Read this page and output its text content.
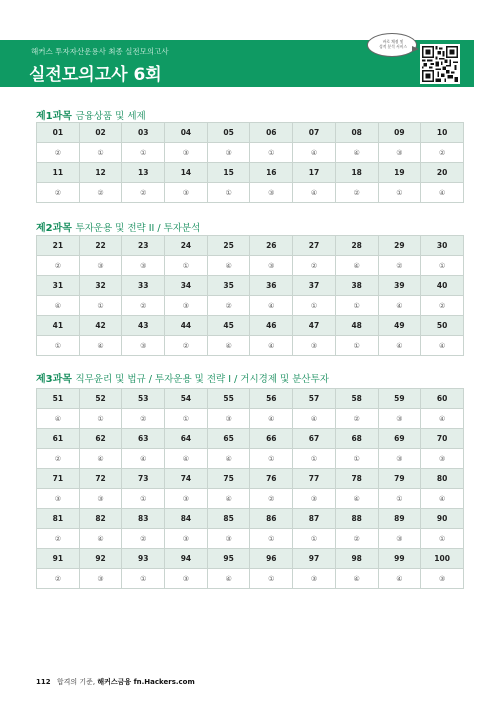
해커스 투자자산운용사 최종 실전모의고사
실전모의고사 6회
바로 채점 및
성적 분석 서비스
제1과목 금융상품 및 세제
01	02	03	04	05	06	07	08	09	10
②	①	①	③	③	①	④	④	③	②
11	12	13	14	15	16	17	18	19	20
②	②	②	③	①	③	④	②	①	④
제2과목 투자운용 및 전략 II / 투자분석
21	22	23	24	25	26	27	28	29	30
②	③	③	①	④	③	②	④	②	①
31	32	33	34	35	36	37	38	39	40
④	①	②	③	②	④	①	①	④	②
41	42	43	44	45	46	47	48	49	50
①	④	③	②	④	④	③	①	④	④
제3과목 직무윤리 및 법규 / 투자운용 및 전략 I / 거시경제 및 분산투자
51	52	53	54	55	56	57	58	59	60
④	①	②	①	③	④	④	②	③	④
61	62	63	64	65	66	67	68	69	70
②	④	④	④	④	①	①	①	③	③
71	72	73	74	75	76	77	78	79	80
③	③	①	③	④	②	③	④	①	④
81	82	83	84	85	86	87	88	89	90
②	④	②	③	③	①	①	②	③	①
91	92	93	94	95	96	97	98	99	100
②	③	①	③	④	①	③	④	④	③
112 합격의 기준, 해커스금융 fn.Hackers.com
